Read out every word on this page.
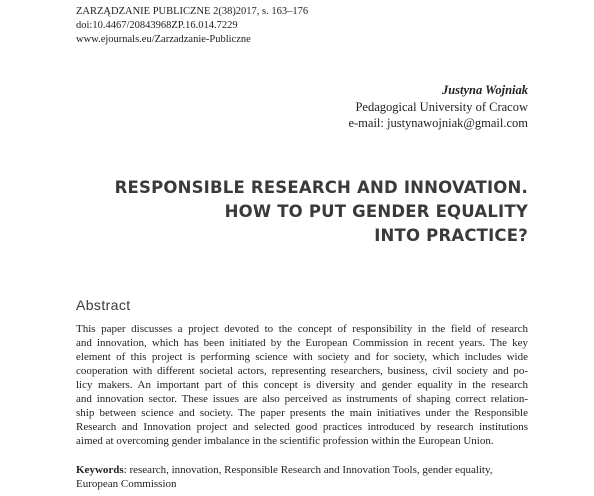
ZARZĄDZANIE PUBLICZNE 2(38)2017, s. 163–176
doi:10.4467/20843968ZP.16.014.7229
www.ejournals.eu/Zarzadzanie-Publiczne
Justyna Wojniak
Pedagogical University of Cracow
e-mail: justynawojniak@gmail.com
RESPONSIBLE RESEARCH AND INNOVATION.
HOW TO PUT GENDER EQUALITY
INTO PRACTICE?
Abstract
This paper discusses a project devoted to the concept of responsibility in the field of research
and innovation, which has been initiated by the European Commission in recent years. The key
element of this project is performing science with society and for society, which includes wide
cooperation with different societal actors, representing researchers, business, civil society and po-
licy makers. An important part of this concept is diversity and gender equality in the research
and innovation sector. These issues are also perceived as instruments of shaping correct relation-
ship between science and society. The paper presents the main initiatives under the Responsible
Research and Innovation project and selected good practices introduced by research institutions
aimed at overcoming gender imbalance in the scientific profession within the European Union.
Keywords: research, innovation, Responsible Research and Innovation Tools, gender equality,
European Commission
